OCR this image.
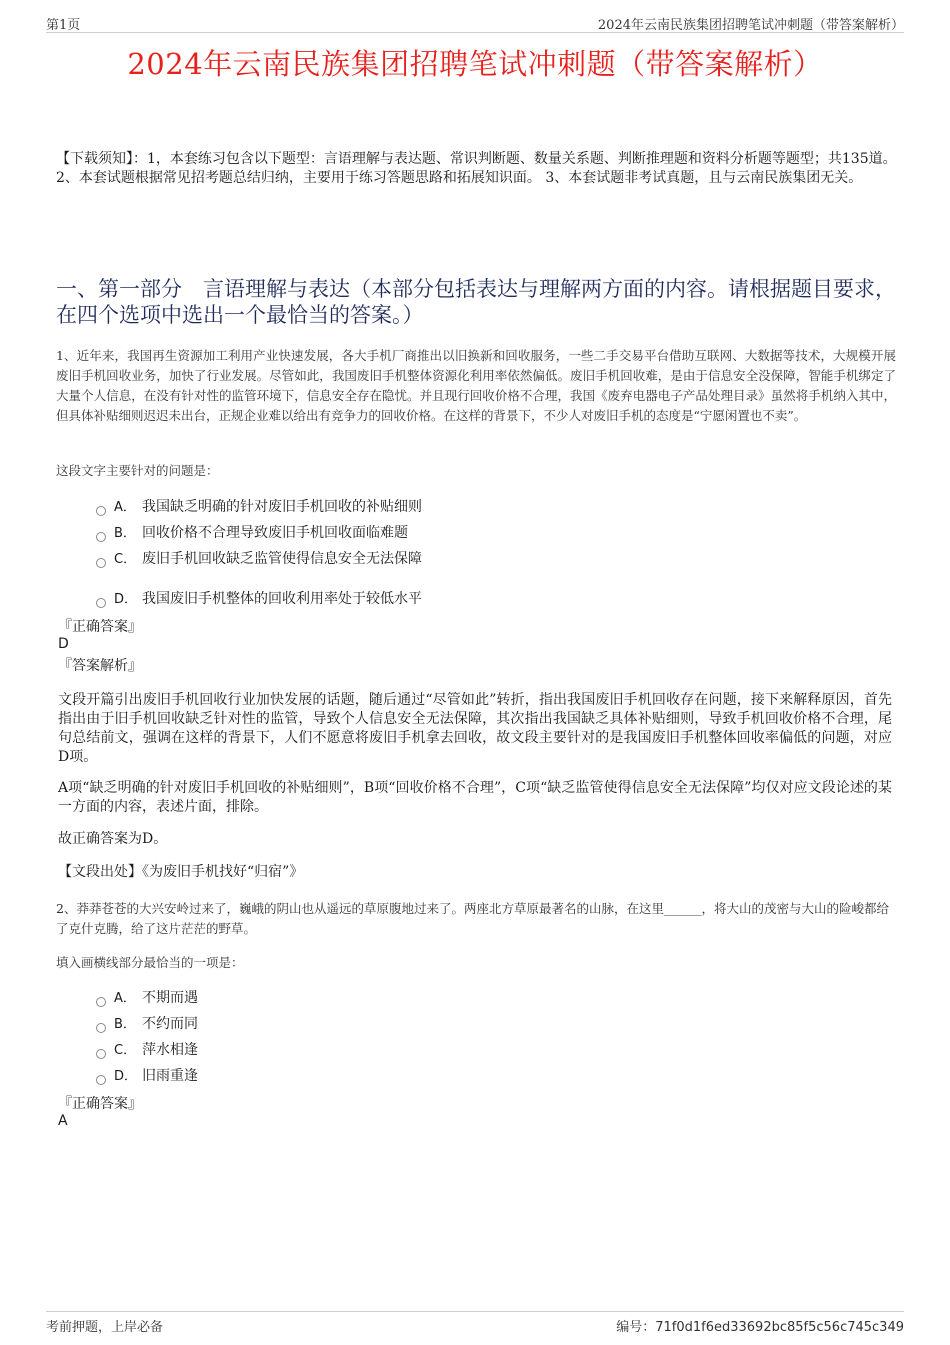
第1页	2024年云南民族集团招聘笔试冲刺题（带答案解析）
2024年云南民族集团招聘笔试冲刺题（带答案解析）
【下载须知】：1，本套练习包含以下题型：言语理解与表达题、常识判断题、数量关系题、判断推理题和资料分析题等题型；共135道。 2、本套试题根据常见招考题总结归纳，主要用于练习答题思路和拓展知识面。 3、本套试题非考试真题，且与云南民族集团无关。
一、第一部分　言语理解与表达（本部分包括表达与理解两方面的内容。请根据题目要求，在四个选项中选出一个最恰当的答案。）
1、近年来，我国再生资源加工利用产业快速发展，各大手机厂商推出以旧换新和回收服务，一些二手交易平台借助互联网、大数据等技术，大规模开展废旧手机回收业务，加快了行业发展。尽管如此，我国废旧手机整体资源化利用率依然偏低。废旧手机回收难，是由于信息安全没保障，智能手机绑定了大量个人信息，在没有针对性的监管环境下，信息安全存在隐忧。并且现行回收价格不合理，我国《废弃电器电子产品处理目录》虽然将手机纳入其中，但具体补贴细则迟迟未出台，正规企业难以给出有竞争力的回收价格。在这样的背景下，不少人对废旧手机的态度是“宁愿闲置也不卖”。
这段文字主要针对的问题是：
A． 我国缺乏明确的针对废旧手机回收的补贴细则
B． 回收价格不合理导致废旧手机回收面临难题
C． 废旧手机回收缺乏监管使得信息安全无法保障
D． 我国废旧手机整体的回收利用率处于较低水平
『正确答案』
D
『答案解析』
文段开篇引出废旧手机回收行业加快发展的话题，随后通过“尽管如此”转折，指出我国废旧手机回收存在问题，接下来解释原因，首先指出由于旧手机回收缺乏针对性的监管，导致个人信息安全无法保障，其次指出我国缺乏具体补贴细则，导致手机回收价格不合理，尾句总结前文，强调在这样的背景下，人们不愿意将废旧手机拿去回收，故文段主要针对的是我国废旧手机整体回收率偏低的问题，对应D项。
A项“缺乏明确的针对废旧手机回收的补贴细则”，B项“回收价格不合理”，C项“缺乏监管使得信息安全无法保障”均仅对应文段论述的某一方面的内容，表述片面，排除。
故正确答案为D。
【文段出处】《为废旧手机找好“归宿”》
2、莽莽苍苍的大兴安岭过来了，巍峨的阴山也从遥远的草原腹地过来了。两座北方草原最著名的山脉，在这里______，将大山的茂密与大山的险峻都给了克什克腾，给了这片茫茫的野草。
填入画横线部分最恰当的一项是：
A． 不期而遇
B． 不约而同
C． 萍水相逢
D． 旧雨重逢
『正确答案』
A
考前押题，上岸必备	编号：71f0d1f6ed33692bc85f5c56c745c349
